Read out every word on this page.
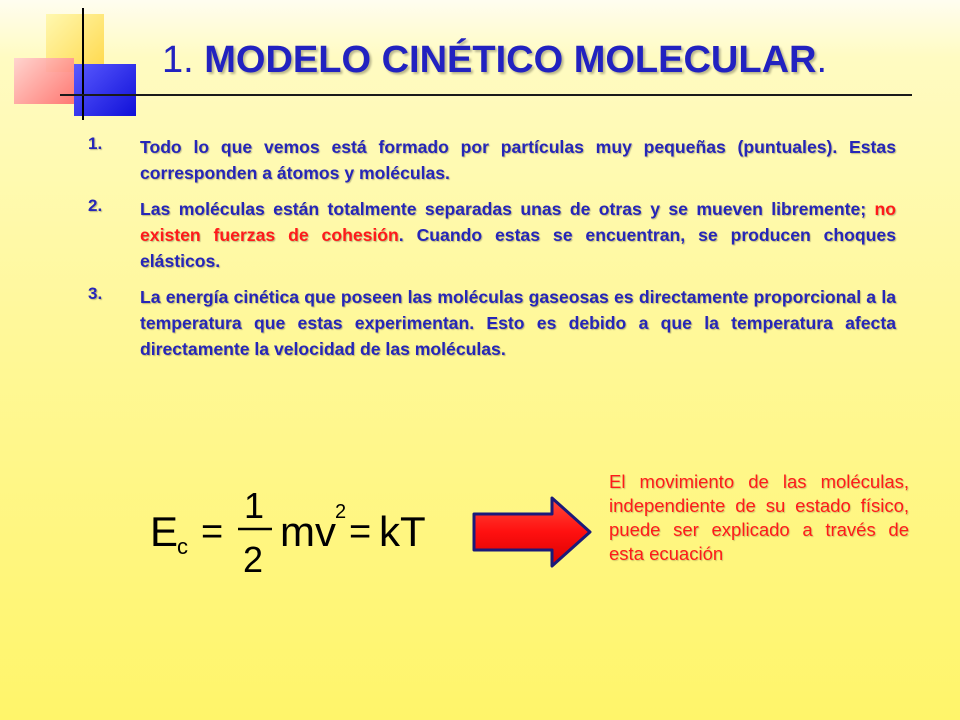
1. MODELO CINÉTICO MOLECULAR.
1. Todo lo que vemos está formado por partículas muy pequeñas (puntuales). Estas corresponden a átomos y moléculas.
2. Las moléculas están totalmente separadas unas de otras y se mueven libremente; no existen fuerzas de cohesión. Cuando estas se encuentran, se producen choques elásticos.
3. La energía cinética que poseen las moléculas gaseosas es directamente proporcional a la temperatura que estas experimentan. Esto es debido a que la temperatura afecta directamente la velocidad de las moléculas.
E
c =
1
2
mv 2 = kT

El movimiento de las moléculas, independiente de su estado físico, puede ser explicado a través de esta ecuación
